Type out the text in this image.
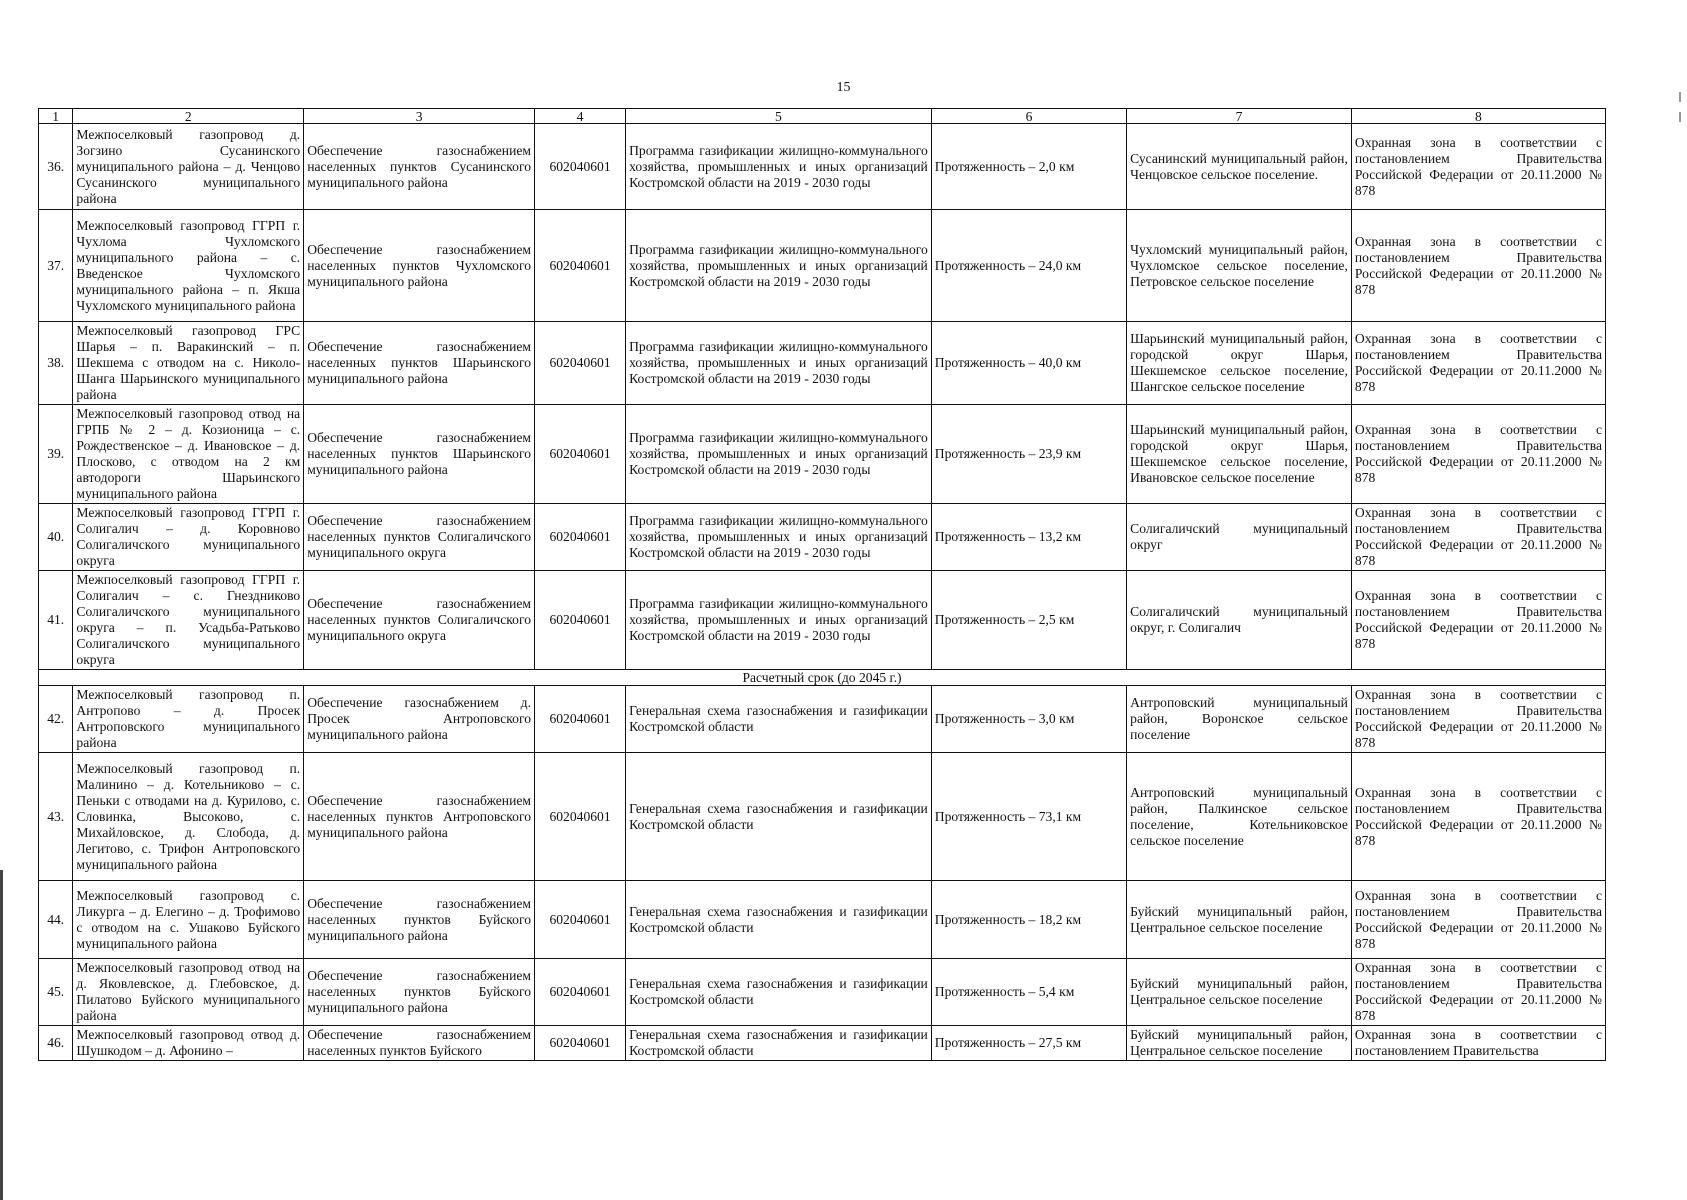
15
1	2	3	4	5	6	7	8
36.	Межпоселковый газопровод д. Зогзино Сусанинского муниципального района – д. Ченцово Сусанинского муниципального района	Обеспечение газоснабжением населенных пунктов Сусанинского муниципального района	602040601	Программа газификации жилищно-коммунального хозяйства, промышленных и иных организаций Костромской области на 2019 - 2030 годы	Протяженность – 2,0 км	Сусанинский муниципальный район, Ченцовское сельское поселение.	Охранная зона в соответствии с постановлением Правительства Российской Федерации от 20.11.2000 № 878
37.	Межпоселковый газопровод ГГРП г. Чухлома Чухломского муниципального района – с. Введенское Чухломского муниципального района – п. Якша Чухломского муниципального района	Обеспечение газоснабжением населенных пунктов Чухломского муниципального района	602040601	Программа газификации жилищно-коммунального хозяйства, промышленных и иных организаций Костромской области на 2019 - 2030 годы	Протяженность – 24,0 км	Чухломский муниципальный район, Чухломское сельское поселение, Петровское сельское поселение	Охранная зона в соответствии с постановлением Правительства Российской Федерации от 20.11.2000 № 878
38.	Межпоселковый газопровод ГРС Шарья – п. Варакинский – п. Шекшема с отводом на с. Николо-Шанга Шарьинского муниципального района	Обеспечение газоснабжением населенных пунктов Шарьинского муниципального района	602040601	Программа газификации жилищно-коммунального хозяйства, промышленных и иных организаций Костромской области на 2019 - 2030 годы	Протяженность – 40,0 км	Шарьинский муниципальный район, городской округ Шарья, Шекшемское сельское поселение, Шангское сельское поселение	Охранная зона в соответствии с постановлением Правительства Российской Федерации от 20.11.2000 № 878
39.	Межпоселковый газопровод отвод на ГРПБ № 2 – д. Козионица – с. Рождественское – д. Ивановское – д. Плосково, с отводом на 2 км автодороги Шарьинского муниципального района	Обеспечение газоснабжением населенных пунктов Шарьинского муниципального района	602040601	Программа газификации жилищно-коммунального хозяйства, промышленных и иных организаций Костромской области на 2019 - 2030 годы	Протяженность – 23,9 км	Шарьинский муниципальный район, городской округ Шарья, Шекшемское сельское поселение, Ивановское сельское поселение	Охранная зона в соответствии с постановлением Правительства Российской Федерации от 20.11.2000 № 878
40.	Межпоселковый газопровод ГГРП г. Солигалич – д. Коровново Солигаличского муниципального округа	Обеспечение газоснабжением населенных пунктов Солигаличского муниципального округа	602040601	Программа газификации жилищно-коммунального хозяйства, промышленных и иных организаций Костромской области на 2019 - 2030 годы	Протяженность – 13,2 км	Солигаличский муниципальный округ	Охранная зона в соответствии с постановлением Правительства Российской Федерации от 20.11.2000 № 878
41.	Межпоселковый газопровод ГГРП г. Солигалич – с. Гнездниково Солигаличского муниципального округа – п. Усадьба-Ратьково Солигаличского муниципального округа	Обеспечение газоснабжением населенных пунктов Солигаличского муниципального округа	602040601	Программа газификации жилищно-коммунального хозяйства, промышленных и иных организаций Костромской области на 2019 - 2030 годы	Протяженность – 2,5 км	Солигаличский муниципальный округ, г. Солигалич	Охранная зона в соответствии с постановлением Правительства Российской Федерации от 20.11.2000 № 878
Расчетный срок (до 2045 г.)							
42.	Межпоселковый газопровод п. Антропово – д. Просек Антроповского муниципального района	Обеспечение газоснабжением д. Просек Антроповского муниципального района	602040601	Генеральная схема газоснабжения и газификации Костромской области	Протяженность – 3,0 км	Антроповский муниципальный район, Воронское сельское поселение	Охранная зона в соответствии с постановлением Правительства Российской Федерации от 20.11.2000 № 878
43.	Межпоселковый газопровод п. Малинино – д. Котельниково – с. Пеньки с отводами на д. Курилово, с. Словинка, Высоково, с. Михайловское, д. Слобода, д. Легитово, с. Трифон Антроповского муниципального района	Обеспечение газоснабжением населенных пунктов Антроповского муниципального района	602040601	Генеральная схема газоснабжения и газификации Костромской области	Протяженность – 73,1 км	Антроповский муниципальный район, Палкинское сельское поселение, Котельниковское сельское поселение	Охранная зона в соответствии с постановлением Правительства Российской Федерации от 20.11.2000 № 878
44.	Межпоселковый газопровод с. Ликурга – д. Елегино – д. Трофимово с отводом на с. Ушаково Буйского муниципального района	Обеспечение газоснабжением населенных пунктов Буйского муниципального района	602040601	Генеральная схема газоснабжения и газификации Костромской области	Протяженность – 18,2 км	Буйский муниципальный район, Центральное сельское поселение	Охранная зона в соответствии с постановлением Правительства Российской Федерации от 20.11.2000 № 878
45.	Межпоселковый газопровод отвод на д. Яковлевское, д. Глебовское, д. Пилатово Буйского муниципального района	Обеспечение газоснабжением населенных пунктов Буйского муниципального района	602040601	Генеральная схема газоснабжения и газификации Костромской области	Протяженность – 5,4 км	Буйский муниципальный район, Центральное сельское поселение	Охранная зона в соответствии с постановлением Правительства Российской Федерации от 20.11.2000 № 878
46.	Межпоселковый газопровод отвод д. Шушкодом – д. Афонино –	Обеспечение газоснабжением населенных пунктов Буйского	602040601	Генеральная схема газоснабжения и газификации Костромской области	Протяженность – 27,5 км	Буйский муниципальный район, Центральное сельское поселение	Охранная зона в соответствии с постановлением Правительства
